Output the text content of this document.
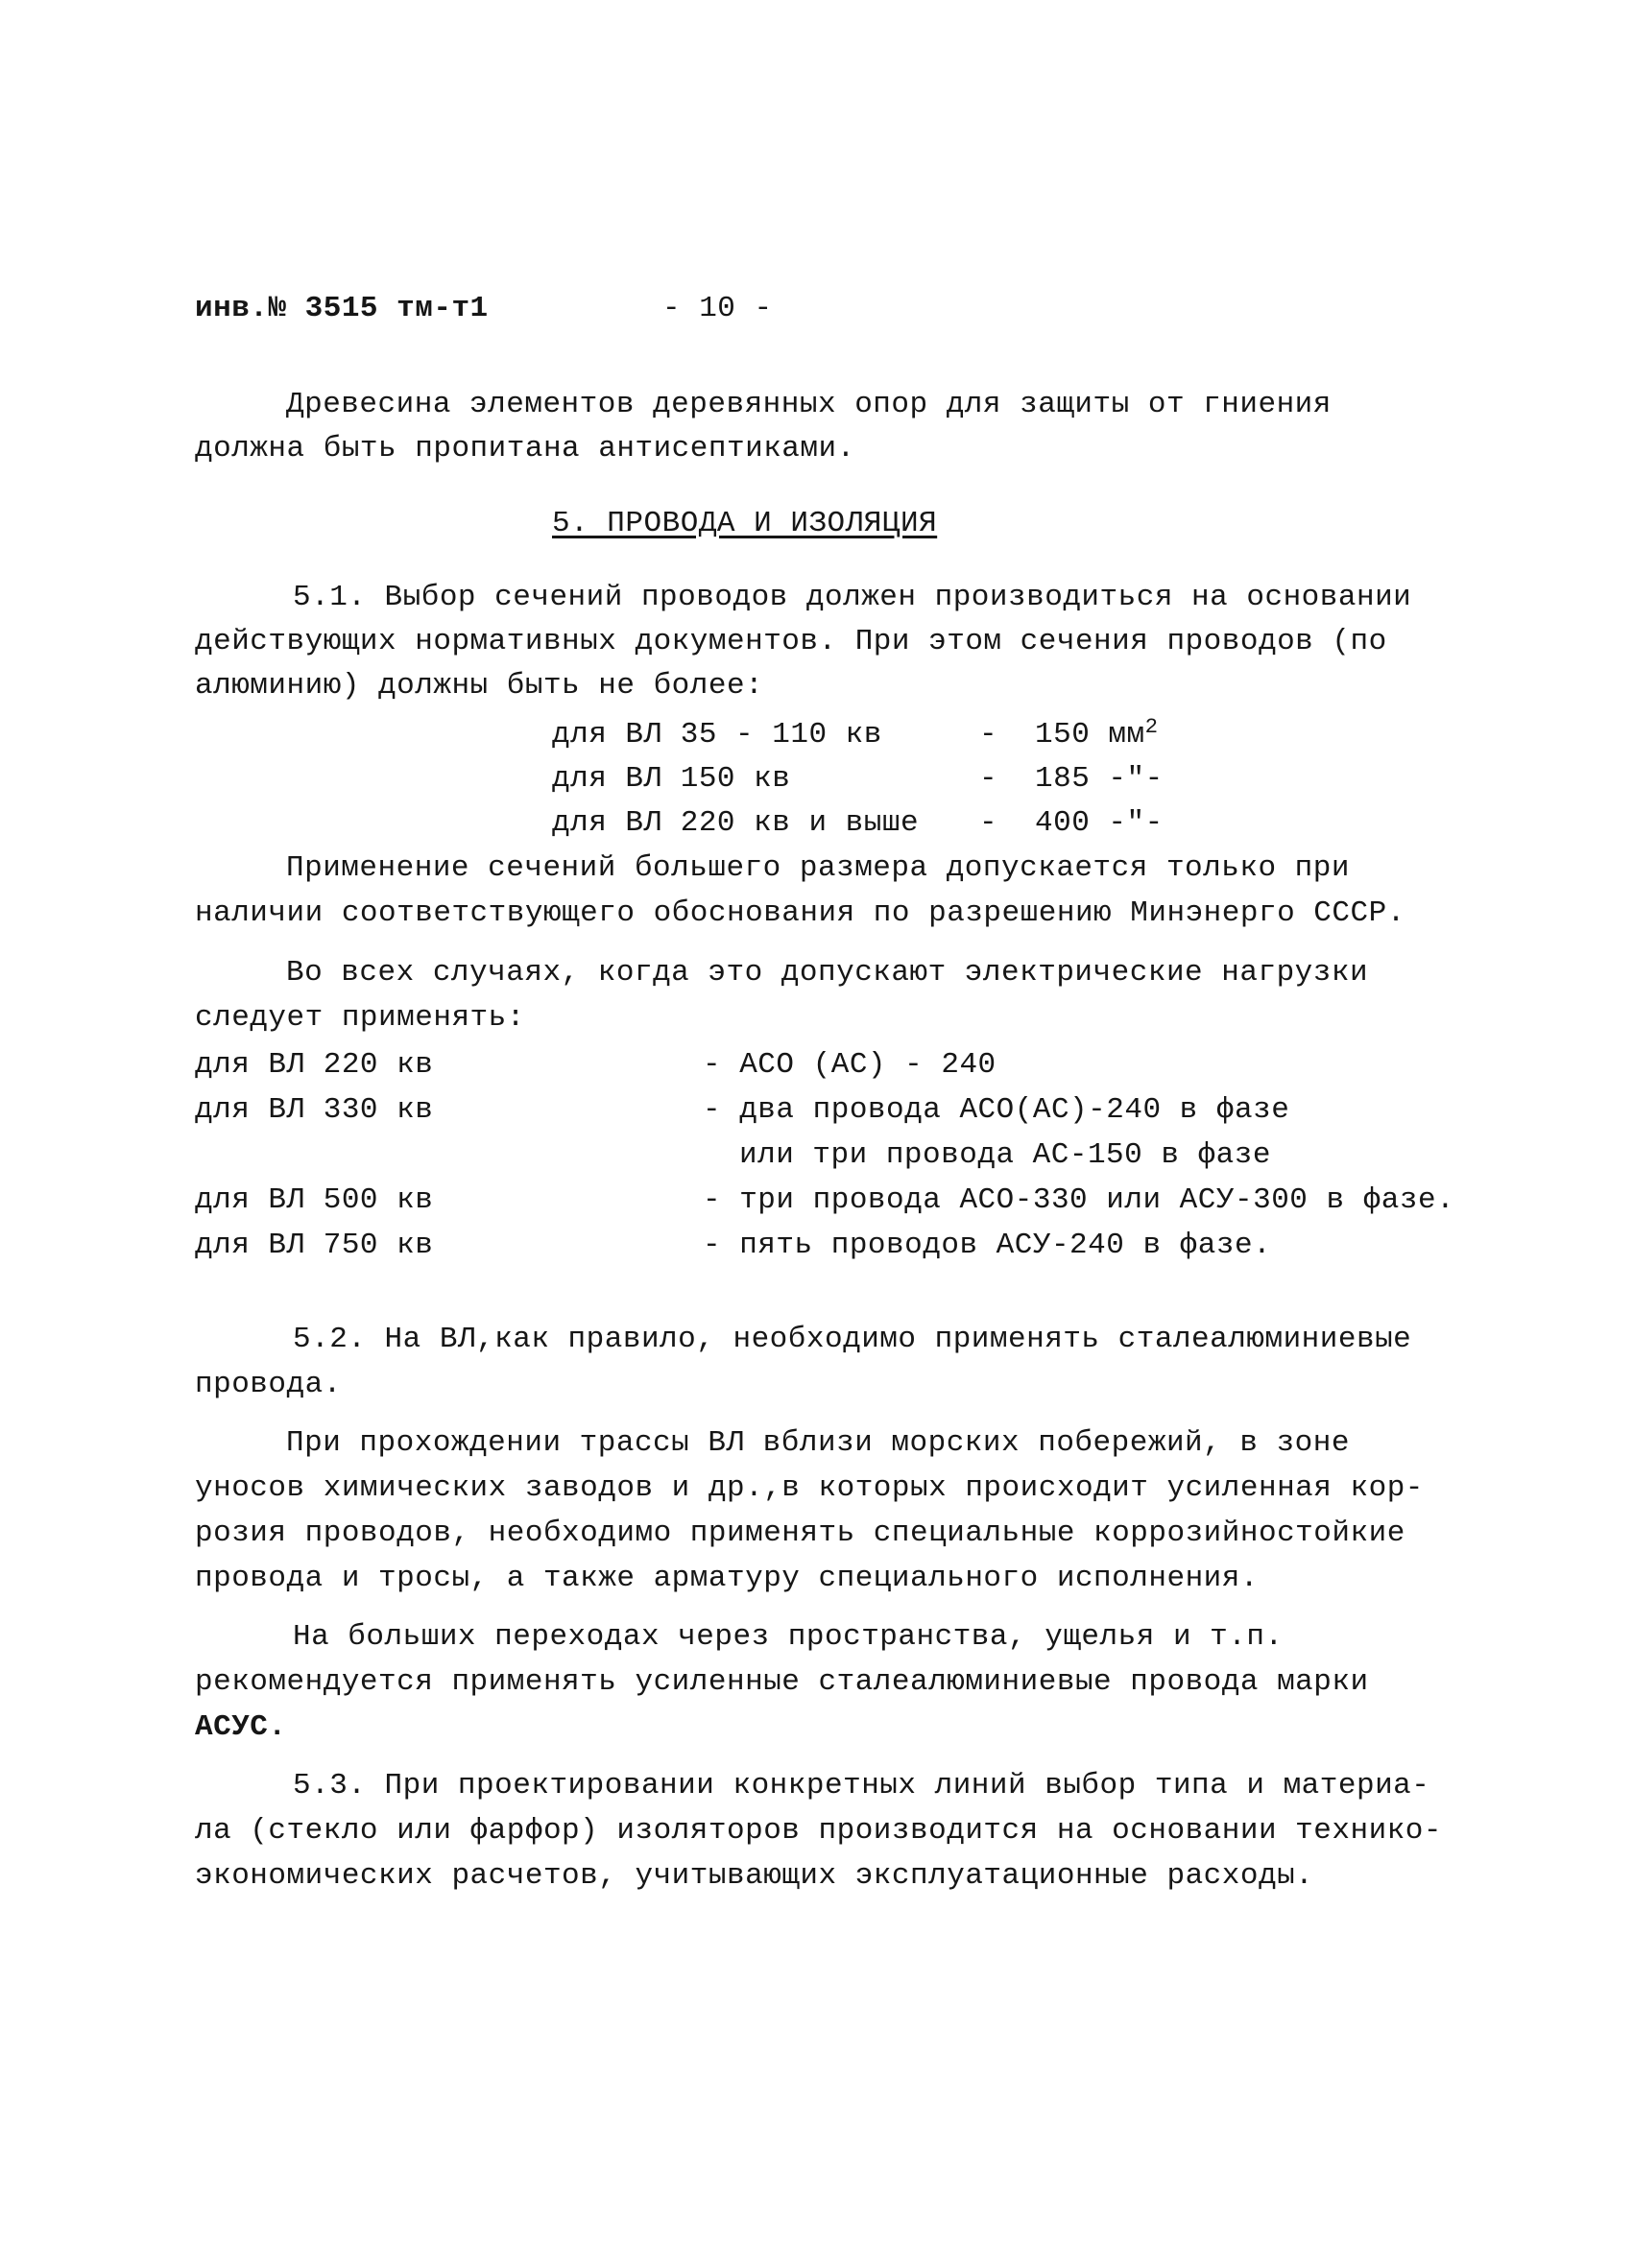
инв.№ 3515 тм-т1	- 10 -
Древесина элементов деревянных опор для защиты от гниения
должна быть пропитана антисептиками.
5. ПРОВОДА И ИЗОЛЯЦИЯ
5.1. Выбор сечений проводов должен производиться на основании
действующих нормативных документов. При этом сечения проводов (по
алюминию) должны быть не более:
для ВЛ 35 - 110 кв	- 150 $мм^2$
для ВЛ 150 кв	- 185 -"-
для ВЛ 220 кв и выше - 400 -"-
Применение сечений большего размера допускается только при
наличии соответствующего обоснования по разрешению Минэнерго СССР.
Во всех случаях, когда это допускают электрические нагрузки
следует применять:
для ВЛ 220 кв	- АСО (АС) - 240
для ВЛ 330 кв	- два провода АСО(АС)-240 в фазе
или три провода АС-150 в фазе
для ВЛ 500 кв	- три провода АСО-330 или АСУ-300 в фазе.
для ВЛ 750 кв	- пять проводов АСУ-240 в фазе.
5.2. На ВЛ,как правило, необходимо применять сталеалюминиевые
провода.
При прохождении трассы ВЛ вблизи морских побережий, в зоне
уносов химических заводов и др.,в которых происходит усиленная кор-
розия проводов, необходимо применять специальные коррозийностойкие
провода и тросы, а также арматуру специального исполнения.
На больших переходах через пространства, ущелья и т.п.
рекомендуется применять усиленные сталеалюминиевые провода марки
АСУС.
5.3. При проектировании конкретных линий выбор типа и материа-
ла (стекло или фарфор) изоляторов производится на основании технико-
экономических расчетов, учитывающих эксплуатационные расходы.
